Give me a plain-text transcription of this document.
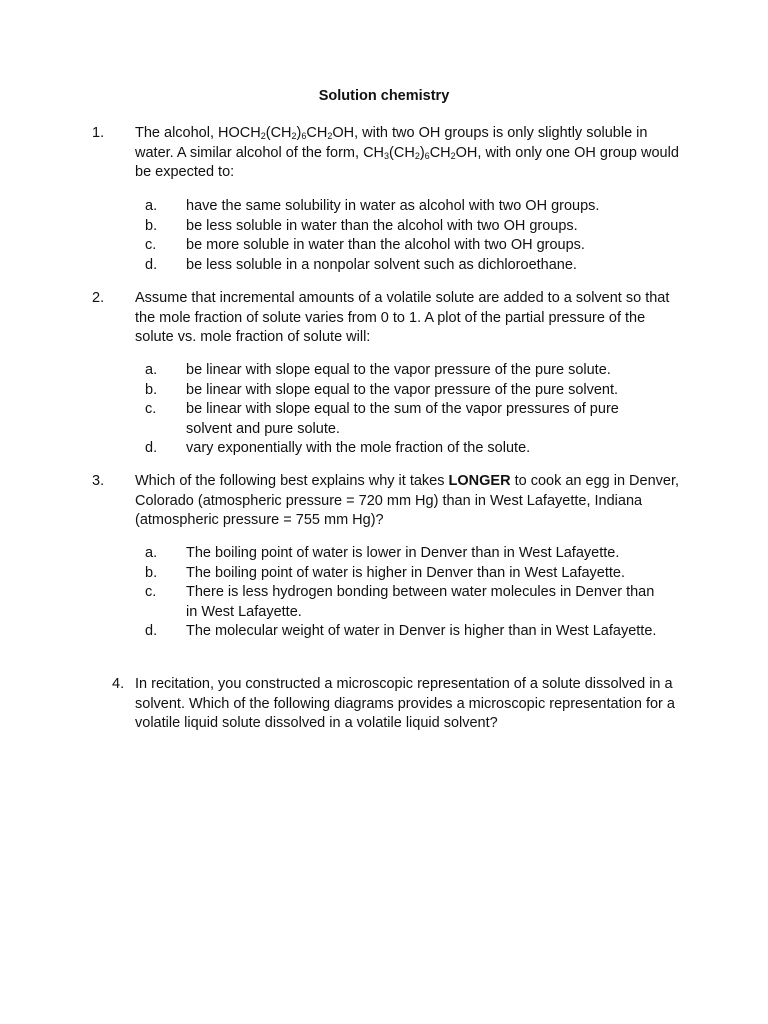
Solution chemistry
1. The alcohol, $HOCH_2(CH_2)_6CH_2OH$, with two OH groups is only slightly soluble in water. A similar alcohol of the form, $CH_3(CH_2)_6CH_2OH$, with only one OH group would be expected to:
a. have the same solubility in water as alcohol with two OH groups.
b. be less soluble in water than the alcohol with two OH groups.
c. be more soluble in water than the alcohol with two OH groups.
d. be less soluble in a nonpolar solvent such as dichloroethane.
2. Assume that incremental amounts of a volatile solute are added to a solvent so that the mole fraction of solute varies from 0 to 1. A plot of the partial pressure of the solute vs. mole fraction of solute will:
a. be linear with slope equal to the vapor pressure of the pure solute.
b. be linear with slope equal to the vapor pressure of the pure solvent.
c. be linear with slope equal to the sum of the vapor pressures of pure solvent and pure solute.
d. vary exponentially with the mole fraction of the solute.
3. Which of the following best explains why it takes LONGER to cook an egg in Denver, Colorado (atmospheric pressure = 720 mm Hg) than in West Lafayette, Indiana (atmospheric pressure = 755 mm Hg)?
a. The boiling point of water is lower in Denver than in West Lafayette.
b. The boiling point of water is higher in Denver than in West Lafayette.
c. There is less hydrogen bonding between water molecules in Denver than in West Lafayette.
d. The molecular weight of water in Denver is higher than in West Lafayette.
4. In recitation, you constructed a microscopic representation of a solute dissolved in a solvent. Which of the following diagrams provides a microscopic representation for a volatile liquid solute dissolved in a volatile liquid solvent?
